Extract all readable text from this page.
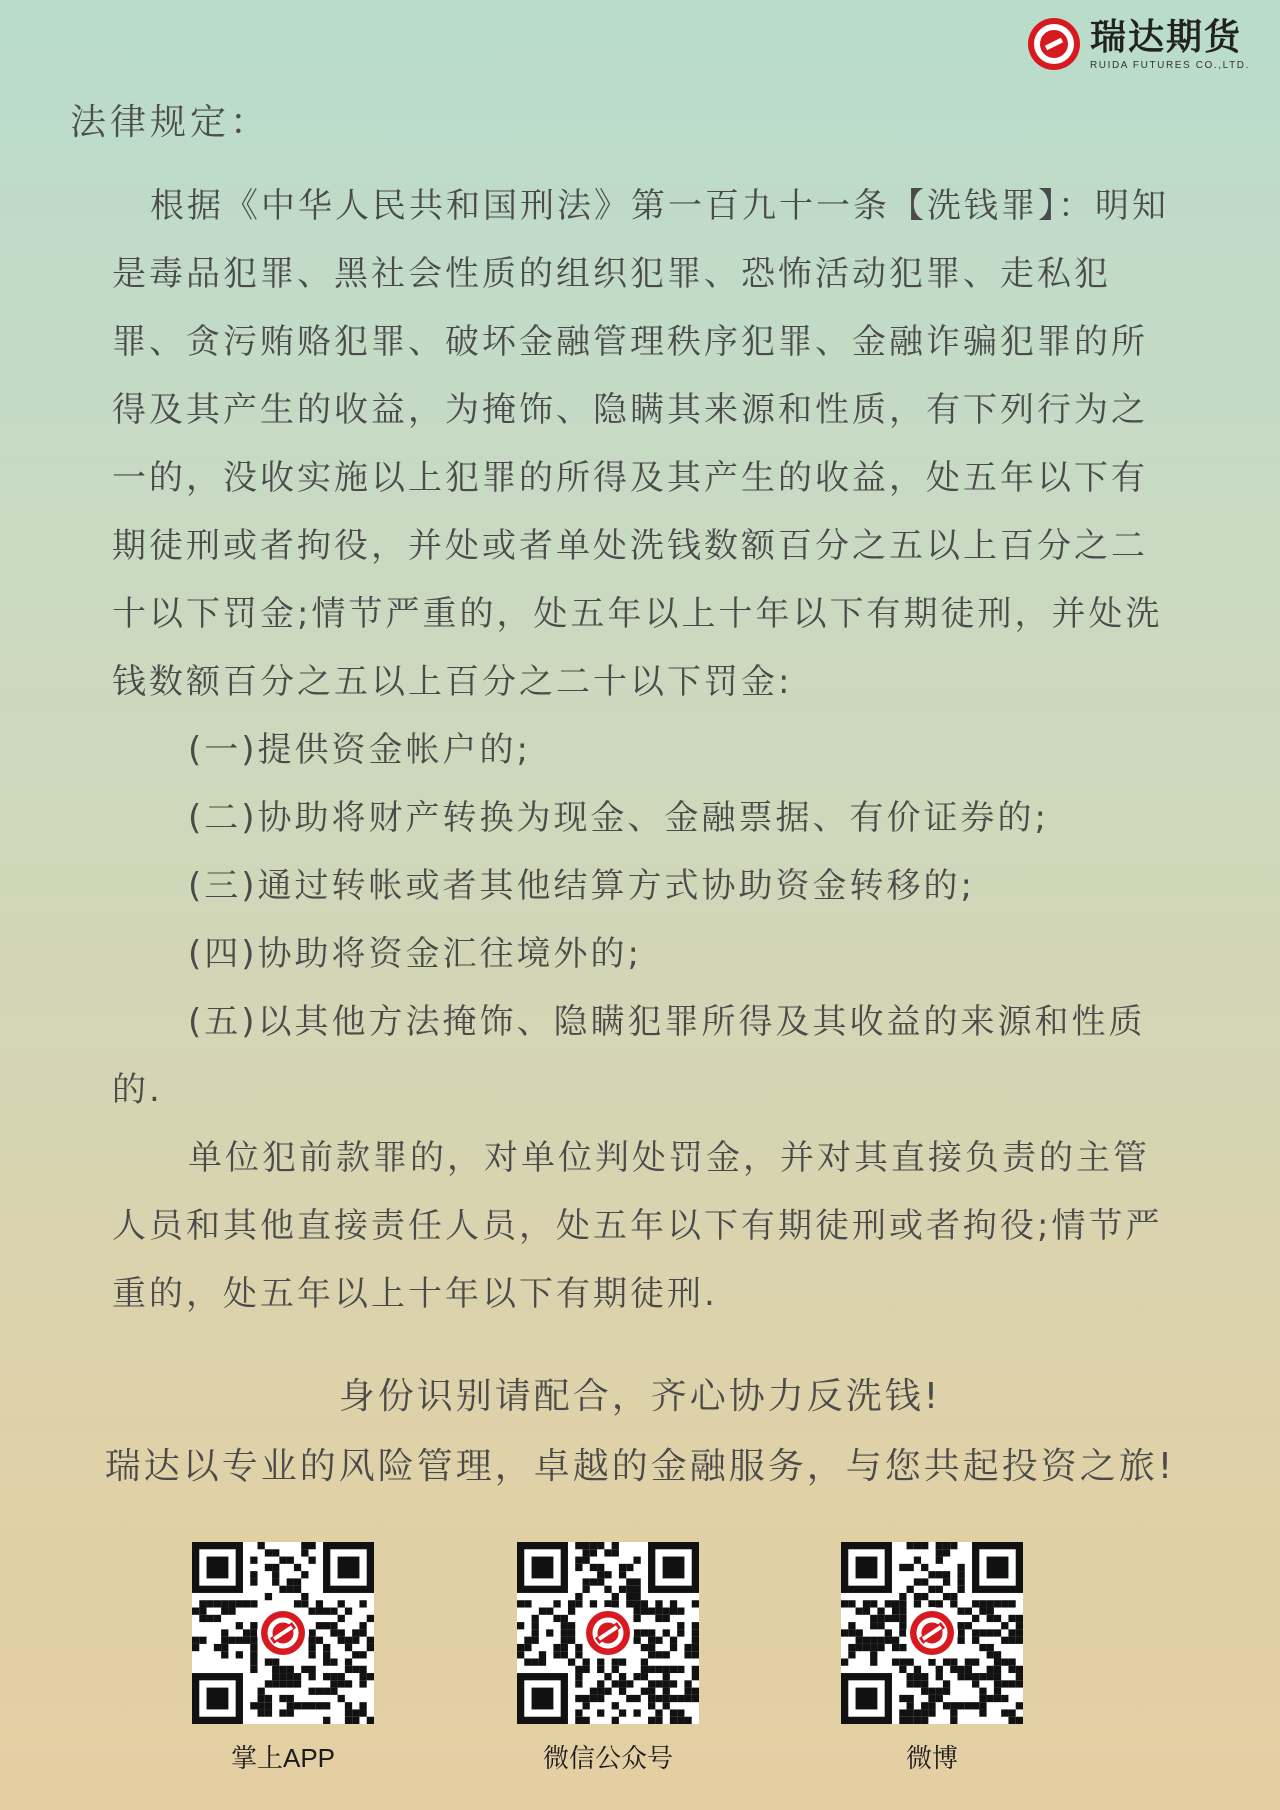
瑞达期货
RUIDA FUTURES CO.,LTD.
法律规定：

根据《中华人民共和国刑法》第一百九十一条【洗钱罪】：明知是毒品犯罪、黑社会性质的组织犯罪、恐怖活动犯罪、走私犯罪、贪污贿赂犯罪、破坏金融管理秩序犯罪、金融诈骗犯罪的所得及其产生的收益，为掩饰、隐瞒其来源和性质，有下列行为之一的，没收实施以上犯罪的所得及其产生的收益，处五年以下有期徒刑或者拘役，并处或者单处洗钱数额百分之五以上百分之二十以下罚金;情节严重的，处五年以上十年以下有期徒刑，并处洗钱数额百分之五以上百分之二十以下罚金:

(一)提供资金帐户的;

(二)协助将财产转换为现金、金融票据、有价证券的;

(三)通过转帐或者其他结算方式协助资金转移的;

(四)协助将资金汇往境外的;

(五)以其他方法掩饰、隐瞒犯罪所得及其收益的来源和性质的.

单位犯前款罪的，对单位判处罚金，并对其直接负责的主管人员和其他直接责任人员，处五年以下有期徒刑或者拘役;情节严重的，处五年以上十年以下有期徒刑.

身份识别请配合，齐心协力反洗钱!

瑞达以专业的风险管理，卓越的金融服务，与您共起投资之旅!

掌上APP	微信公众号	微博
